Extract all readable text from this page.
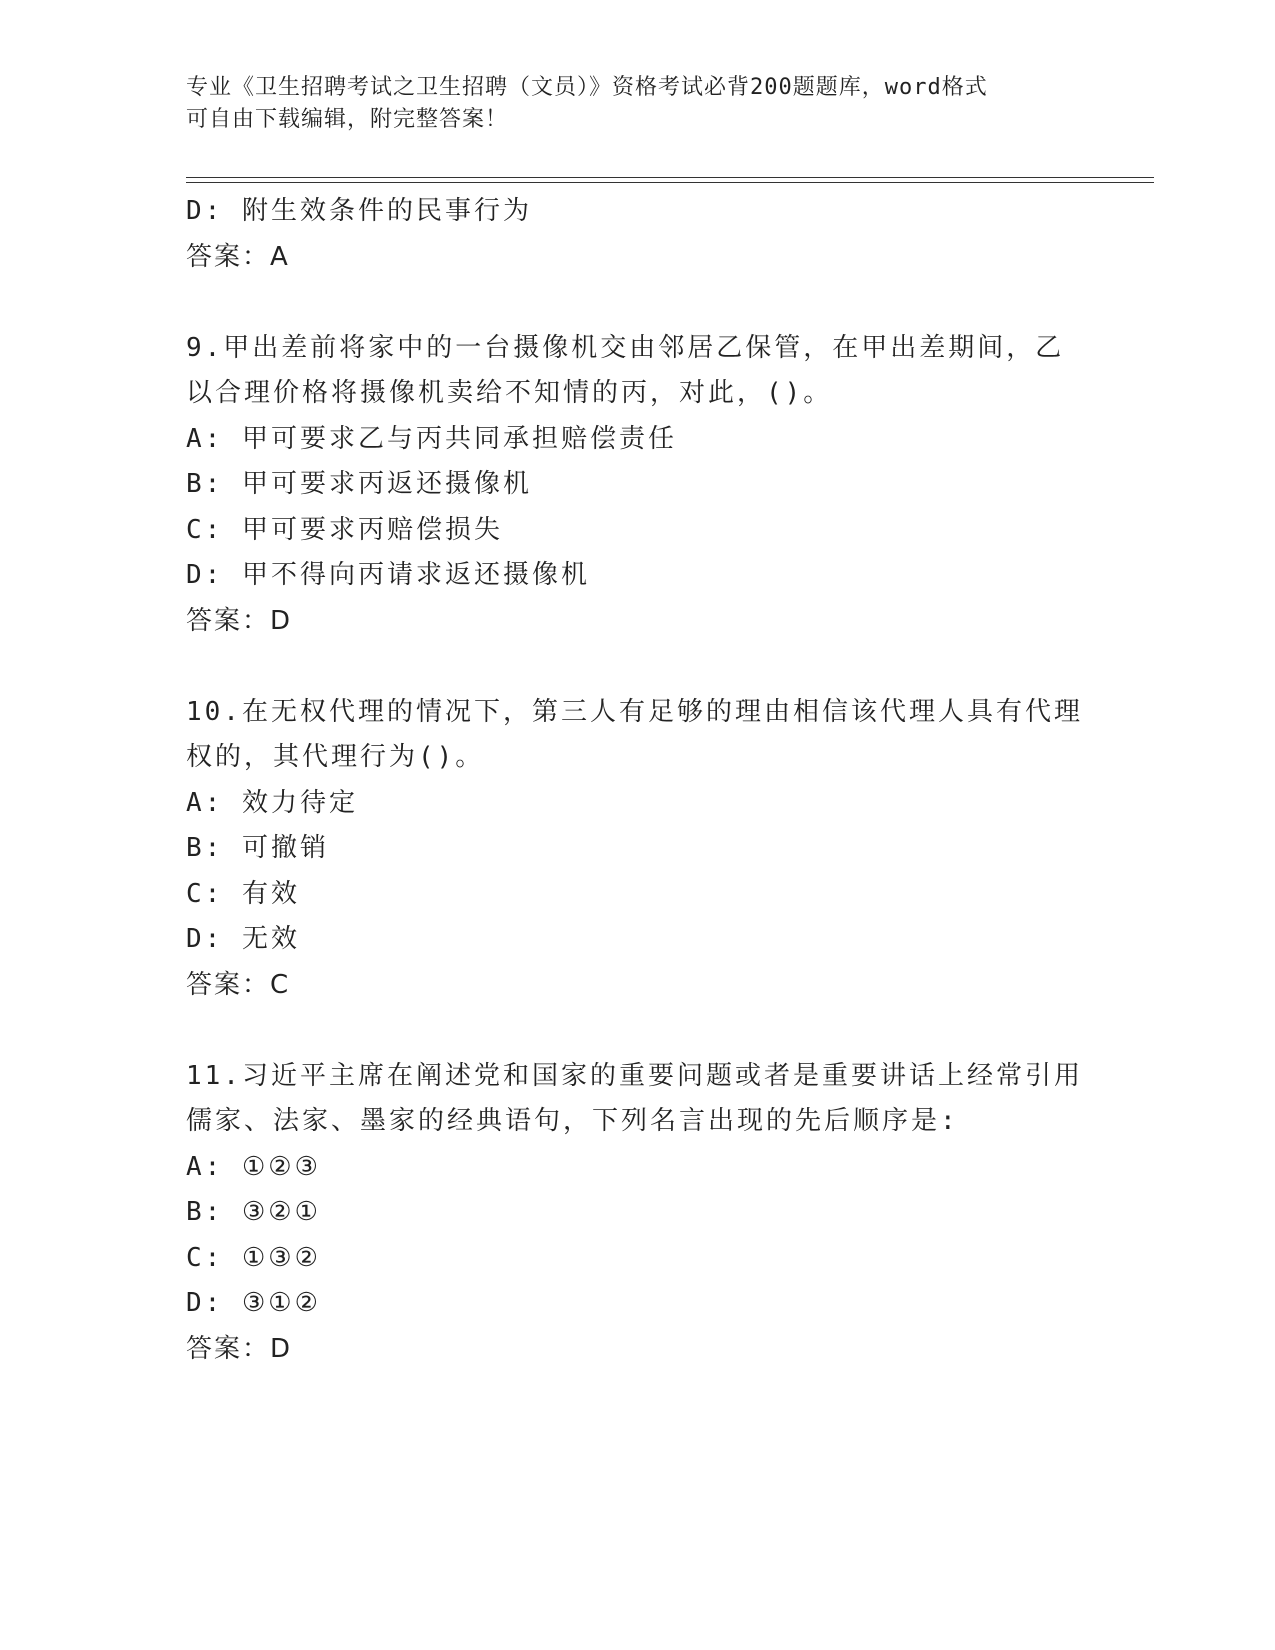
专业《卫生招聘考试之卫生招聘（文员）》资格考试必背200题题库，word格式
可自由下载编辑，附完整答案！
D: 附生效条件的民事行为
答案：A
9.甲出差前将家中的一台摄像机交由邻居乙保管，在甲出差期间，乙
以合理价格将摄像机卖给不知情的丙，对此，()。
A: 甲可要求乙与丙共同承担赔偿责任
B: 甲可要求丙返还摄像机
C: 甲可要求丙赔偿损失
D: 甲不得向丙请求返还摄像机
答案：D
10.在无权代理的情况下，第三人有足够的理由相信该代理人具有代理
权的，其代理行为()。
A: 效力待定
B: 可撤销
C: 有效
D: 无效
答案：C
11.习近平主席在阐述党和国家的重要问题或者是重要讲话上经常引用
儒家、法家、墨家的经典语句，下列名言出现的先后顺序是:
A: ①②③
B: ③②①
C: ①③②
D: ③①②
答案：D
